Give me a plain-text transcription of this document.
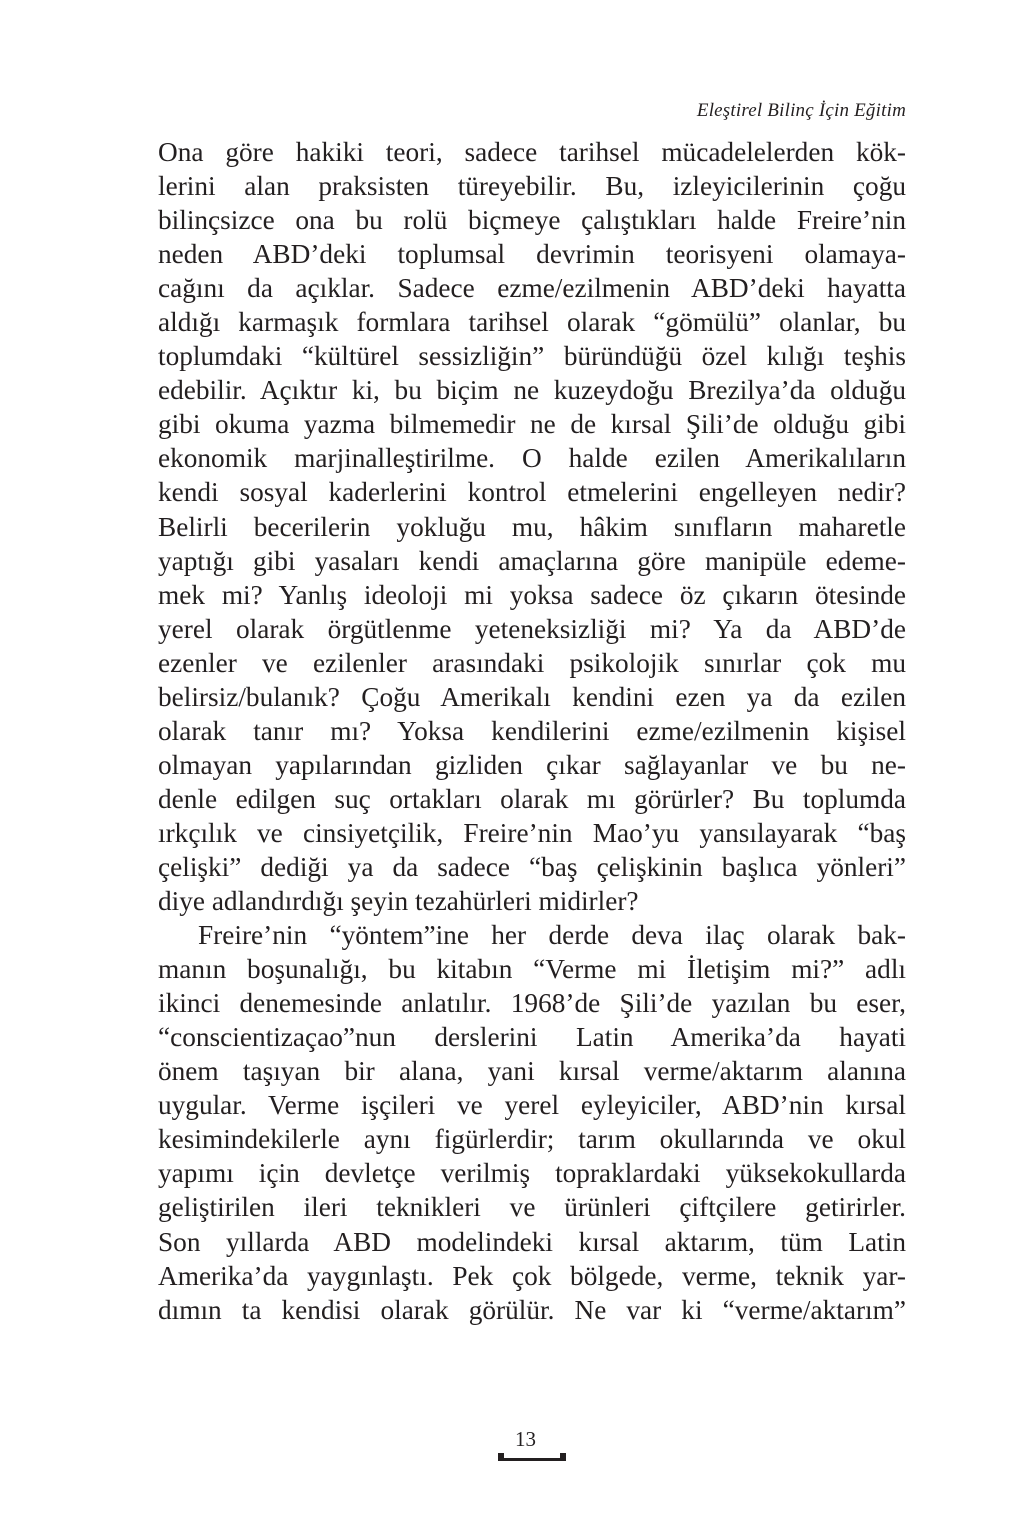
Eleştirel Bilinç İçin Eğitim
Ona göre hakiki teori, sadece tarihsel mücadelelerden kök-
lerini alan praksisten türeyebilir. Bu, izleyicilerinin çoğu
bilinçsizce ona bu rolü biçmeye çalıştıkları halde Freire’nin
neden ABD’deki toplumsal devrimin teorisyeni olamaya-
cağını da açıklar. Sadece ezme/ezilmenin ABD’deki hayatta
aldığı karmaşık formlara tarihsel olarak “gömülü” olanlar, bu
toplumdaki “kültürel sessizliğin” büründüğü özel kılığı teşhis
edebilir. Açıktır ki, bu biçim ne kuzeydoğu Brezilya’da olduğu
gibi okuma yazma bilmemedir ne de kırsal Şili’de olduğu gibi
ekonomik marjinalleştirilme. O halde ezilen Amerikalıların
kendi sosyal kaderlerini kontrol etmelerini engelleyen nedir?
Belirli becerilerin yokluğu mu, hâkim sınıfların maharetle
yaptığı gibi yasaları kendi amaçlarına göre manipüle edeme-
mek mi? Yanlış ideoloji mi yoksa sadece öz çıkarın ötesinde
yerel olarak örgütlenme yeteneksizliği mi? Ya da ABD’de
ezenler ve ezilenler arasındaki psikolojik sınırlar çok mu
belirsiz/bulanık? Çoğu Amerikalı kendini ezen ya da ezilen
olarak tanır mı? Yoksa kendilerini ezme/ezilmenin kişisel
olmayan yapılarından gizliden çıkar sağlayanlar ve bu ne-
denle edilgen suç ortakları olarak mı görürler? Bu toplumda
ırkçılık ve cinsiyetçilik, Freire’nin Mao’yu yansılayarak “baş
çelişki” dediği ya da sadece “baş çelişkinin başlıca yönleri”
diye adlandırdığı şeyin tezahürleri midirler?
Freire’nin “yöntem”ine her derde deva ilaç olarak bak-
manın boşunalığı, bu kitabın “Verme mi İletişim mi?” adlı
ikinci denemesinde anlatılır. 1968’de Şili’de yazılan bu eser,
“conscientizaçao”nun derslerini Latin Amerika’da hayati
önem taşıyan bir alana, yani kırsal verme/aktarım alanına
uygular. Verme işçileri ve yerel eyleyiciler, ABD’nin kırsal
kesimindekilerle aynı figürlerdir; tarım okullarında ve okul
yapımı için devletçe verilmiş topraklardaki yüksekokullarda
geliştirilen ileri teknikleri ve ürünleri çiftçilere getirirler.
Son yıllarda ABD modelindeki kırsal aktarım, tüm Latin
Amerika’da yaygınlaştı. Pek çok bölgede, verme, teknik yar-
dımın ta kendisi olarak görülür. Ne var ki “verme/aktarım”
13
